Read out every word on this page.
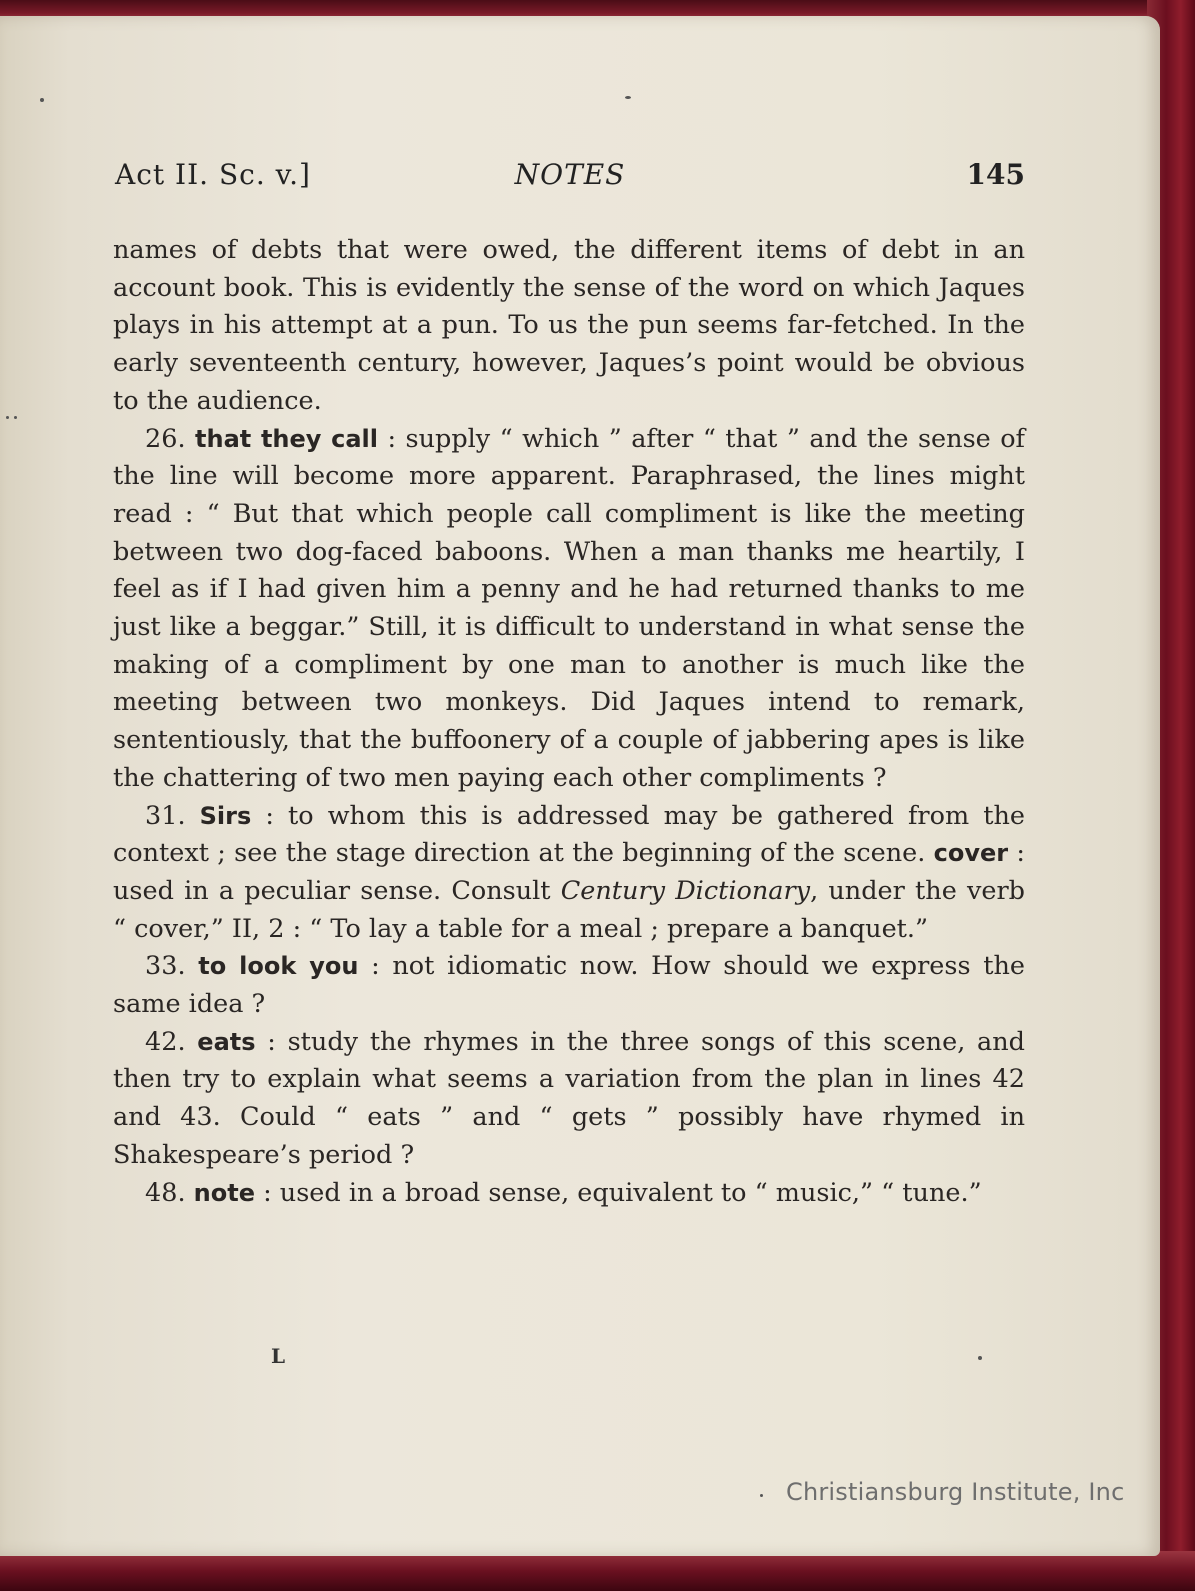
Act II. Sc. v.]	NOTES	145

names of debts that were owed, the different items of debt in an account book. This is evidently the sense of the word on which Jaques plays in his attempt at a pun. To us the pun seems far-fetched. In the early seventeenth century, however, Jaques’s point would be obvious to the audience.

26. that they call : supply “ which ” after “ that ” and the sense of the line will become more apparent. Paraphrased, the lines might read : “ But that which people call compliment is like the meeting between two dog-faced baboons. When a man thanks me heartily, I feel as if I had given him a penny and he had returned thanks to me just like a beggar.” Still, it is difficult to understand in what sense the making of a compliment by one man to another is much like the meeting between two monkeys. Did Jaques intend to remark, sententiously, that the buffoonery of a couple of jabbering apes is like the chattering of two men paying each other compliments ?

31. Sirs : to whom this is addressed may be gathered from the context ; see the stage direction at the beginning of the scene. cover : used in a peculiar sense. Consult Century Dictionary, under the verb “ cover,” II, 2 : “ To lay a table for a meal ; prepare a banquet.”

33. to look you : not idiomatic now. How should we express the same idea ?

42. eats : study the rhymes in the three songs of this scene, and then try to explain what seems a variation from the plan in lines 42 and 43. Could “ eats ” and “ gets ” possibly have rhymed in Shakespeare’s period ?

48. note : used in a broad sense, equivalent to “ music,” “ tune.”

L
Christiansburg Institute, Inc
